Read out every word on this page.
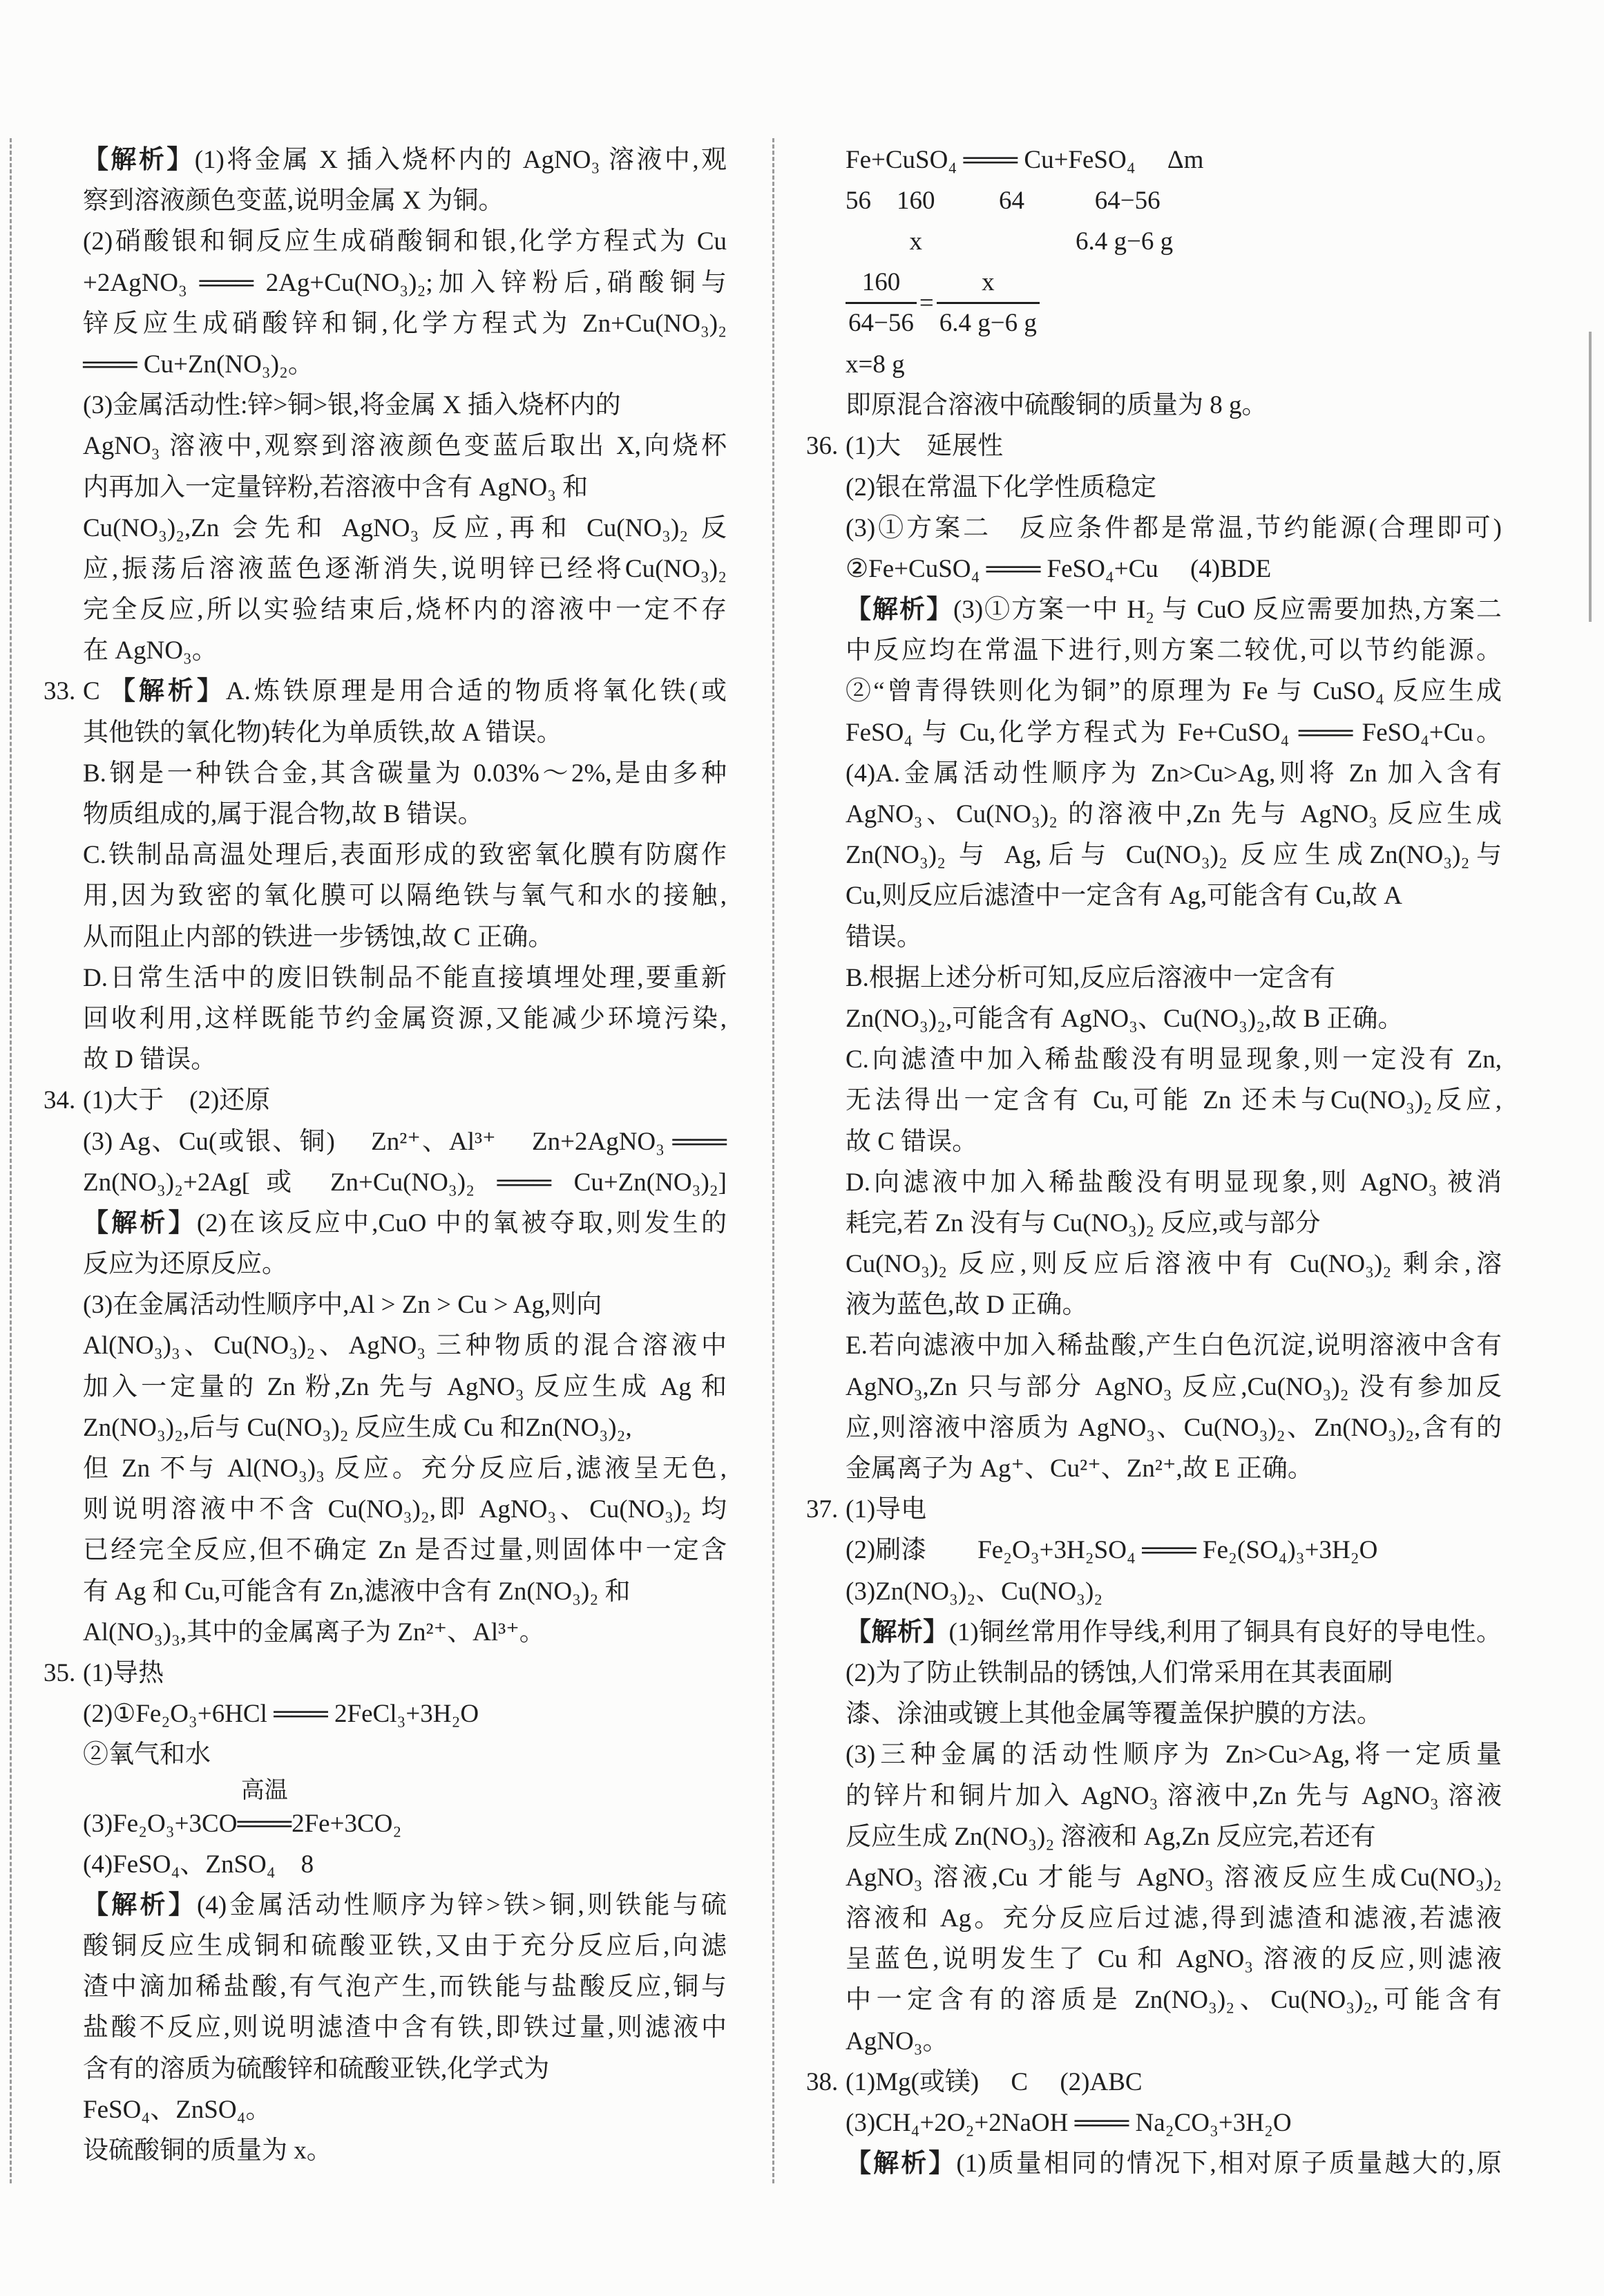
【解析】(1)将金属 X 插入烧杯内的 AgNO₃ 溶液中,观
察到溶液颜色变蓝,说明金属 X 为铜。
(2)硝酸银和铜反应生成硝酸铜和银,化学方程式为 Cu
+2AgNO₃ ═══ 2Ag+Cu(NO₃)₂;加入锌粉后,硝酸铜与
锌反应生成硝酸锌和铜,化学方程式为 Zn+Cu(NO₃)₂
═══ Cu+Zn(NO₃)₂。
(3)金属活动性:锌>铜>银,将金属 X 插入烧杯内的
AgNO₃ 溶液中,观察到溶液颜色变蓝后取出 X,向烧杯
内再加入一定量锌粉,若溶液中含有 AgNO₃ 和
Cu(NO₃)₂,Zn 会先和 AgNO₃ 反应,再和 Cu(NO₃)₂ 反
应,振荡后溶液蓝色逐渐消失,说明锌已经将Cu(NO₃)₂
完全反应,所以实验结束后,烧杯内的溶液中一定不存
在 AgNO₃。
33. C 【解析】A.炼铁原理是用合适的物质将氧化铁(或
其他铁的氧化物)转化为单质铁,故 A 错误。
B.钢是一种铁合金,其含碳量为 0.03%～2%,是由多种
物质组成的,属于混合物,故 B 错误。
C.铁制品高温处理后,表面形成的致密氧化膜有防腐作
用,因为致密的氧化膜可以隔绝铁与氧气和水的接触,
从而阻止内部的铁进一步锈蚀,故 C 正确。
D.日常生活中的废旧铁制品不能直接填埋处理,要重新
回收利用,这样既能节约金属资源,又能减少环境污染,
故 D 错误。
34. (1)大于　(2)还原
(3) Ag、Cu(或银、铜)　 Zn²⁺、Al³⁺　 Zn+2AgNO₃ ═══
Zn(NO₃)₂+2Ag[或 Zn+Cu(NO₃)₂ ═══ Cu+Zn(NO₃)₂]
【解析】(2)在该反应中,CuO 中的氧被夺取,则发生的
反应为还原反应。
(3)在金属活动性顺序中,Al > Zn > Cu > Ag,则向
Al(NO₃)₃、Cu(NO₃)₂、AgNO₃ 三种物质的混合溶液中
加入一定量的 Zn 粉,Zn 先与 AgNO₃ 反应生成 Ag 和
Zn(NO₃)₂,后与 Cu(NO₃)₂ 反应生成 Cu 和Zn(NO₃)₂,
但 Zn 不与 Al(NO₃)₃ 反应。充分反应后,滤液呈无色,
则说明溶液中不含 Cu(NO₃)₂,即 AgNO₃、Cu(NO₃)₂ 均
已经完全反应,但不确定 Zn 是否过量,则固体中一定含
有 Ag 和 Cu,可能含有 Zn,滤液中含有 Zn(NO₃)₂ 和
Al(NO₃)₃,其中的金属离子为 Zn²⁺、Al³⁺。
35. (1)导热
(2)①Fe₂O₃+6HCl ═══ 2FeCl₃+3H₂O
②氧气和水
(3)Fe₂O₃+3CO
高温
═══2Fe+3CO₂
(4)FeSO₄、ZnSO₄　8
【解析】(4)金属活动性顺序为锌>铁>铜,则铁能与硫
酸铜反应生成铜和硫酸亚铁,又由于充分反应后,向滤
渣中滴加稀盐酸,有气泡产生,而铁能与盐酸反应,铜与
盐酸不反应,则说明滤渣中含有铁,即铁过量,则滤液中
含有的溶质为硫酸锌和硫酸亚铁,化学式为
FeSO₄、ZnSO₄。
设硫酸铜的质量为 x。
Fe+CuSO₄ ═══ Cu+FeSO₄     Δm
56    160          64           64−56
x                        6.4 g−6 g
$\frac{160}{64-56} = \frac{x}{6.4 g-6 g}$
x=8 g
即原混合溶液中硫酸铜的质量为 8 g。
36. (1)大　延展性
(2)银在常温下化学性质稳定
(3)①方案二　反应条件都是常温,节约能源(合理即可)
②Fe+CuSO₄ ═══ FeSO₄+Cu　 (4)BDE
【解析】(3)①方案一中 H₂ 与 CuO 反应需要加热,方案二
中反应均在常温下进行,则方案二较优,可以节约能源。
②“曾青得铁则化为铜”的原理为 Fe 与 CuSO₄ 反应生成
FeSO₄ 与 Cu,化学方程式为 Fe+CuSO₄ ═══ FeSO₄+Cu。
(4)A.金属活动性顺序为 Zn>Cu>Ag,则将 Zn 加入含有
AgNO₃、Cu(NO₃)₂ 的溶液中,Zn 先与 AgNO₃ 反应生成
Zn(NO₃)₂ 与 Ag,后与 Cu(NO₃)₂ 反应生成Zn(NO₃)₂与
Cu,则反应后滤渣中一定含有 Ag,可能含有 Cu,故 A
错误。
B.根据上述分析可知,反应后溶液中一定含有
Zn(NO₃)₂,可能含有 AgNO₃、Cu(NO₃)₂,故 B 正确。
C.向滤渣中加入稀盐酸没有明显现象,则一定没有 Zn,
无法得出一定含有 Cu,可能 Zn 还未与Cu(NO₃)₂反应,
故 C 错误。
D.向滤液中加入稀盐酸没有明显现象,则 AgNO₃ 被消
耗完,若 Zn 没有与 Cu(NO₃)₂ 反应,或与部分
Cu(NO₃)₂ 反应,则反应后溶液中有 Cu(NO₃)₂ 剩余,溶
液为蓝色,故 D 正确。
E.若向滤液中加入稀盐酸,产生白色沉淀,说明溶液中含有
AgNO₃,Zn 只与部分 AgNO₃ 反应,Cu(NO₃)₂ 没有参加反
应,则溶液中溶质为 AgNO₃、Cu(NO₃)₂、Zn(NO₃)₂,含有的
金属离子为 Ag⁺、Cu²⁺、Zn²⁺,故 E 正确。
37. (1)导电
(2)刷漆　　Fe₂O₃+3H₂SO₄ ═══ Fe₂(SO₄)₃+3H₂O
(3)Zn(NO₃)₂、Cu(NO₃)₂
【解析】(1)铜丝常用作导线,利用了铜具有良好的导电性。
(2)为了防止铁制品的锈蚀,人们常采用在其表面刷
漆、涂油或镀上其他金属等覆盖保护膜的方法。
(3)三种金属的活动性顺序为 Zn>Cu>Ag,将一定质量
的锌片和铜片加入 AgNO₃ 溶液中,Zn 先与 AgNO₃ 溶液
反应生成 Zn(NO₃)₂ 溶液和 Ag,Zn 反应完,若还有
AgNO₃ 溶液,Cu 才能与 AgNO₃ 溶液反应生成Cu(NO₃)₂
溶液和 Ag。充分反应后过滤,得到滤渣和滤液,若滤液
呈蓝色,说明发生了 Cu 和 AgNO₃ 溶液的反应,则滤液
中一定含有的溶质是 Zn(NO₃)₂、Cu(NO₃)₂,可能含有
AgNO₃。
38. (1)Mg(或镁)　 C　 (2)ABC
(3)CH₄+2O₂+2NaOH ═══ Na₂CO₃+3H₂O
【解析】(1)质量相同的情况下,相对原子质量越大的,原
